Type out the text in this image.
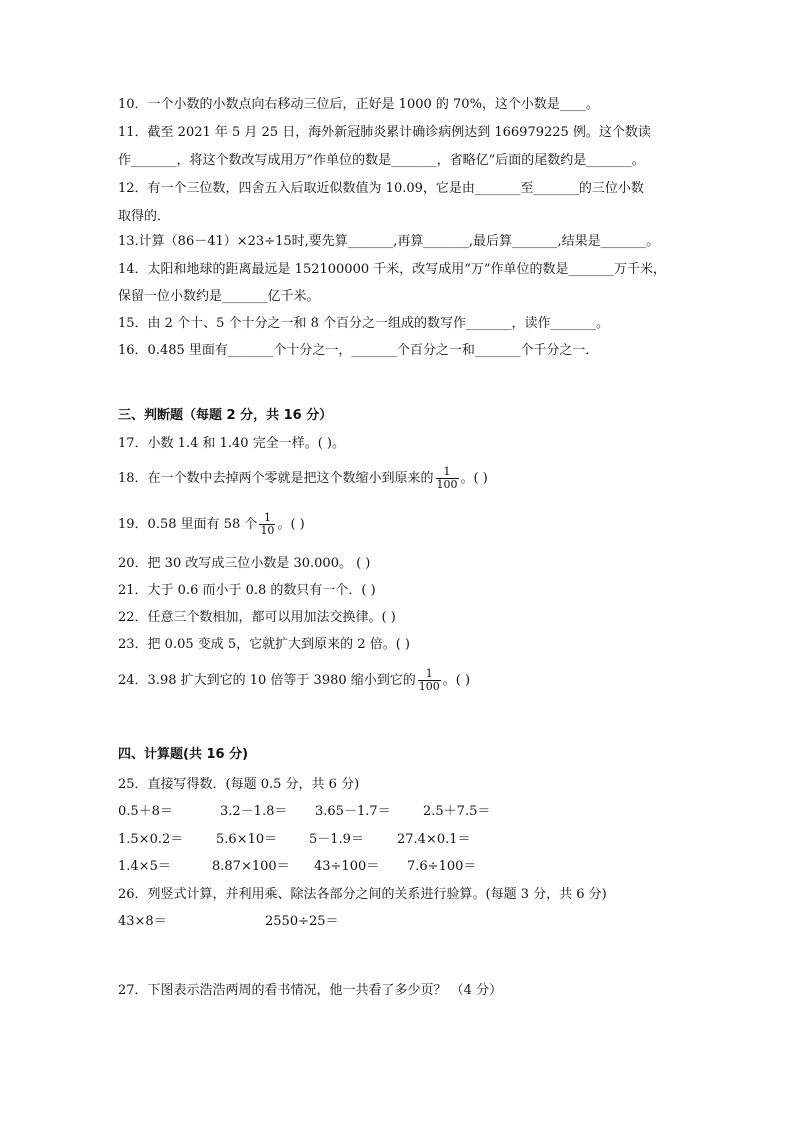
10．一个小数的小数点向右移动三位后，正好是 1000 的 70%，这个小数是____。
11．截至 2021 年 5 月 25 日，海外新冠肺炎累计确诊病例达到 166979225 例。这个数读
作_______，将这个数改写成用万”作单位的数是_______，省略亿”后面的尾数约是_______。
12．有一个三位数，四舍五入后取近似数值为 10.09，它是由_______至_______的三位小数
取得的．
13.计算（86－41）×23÷15时,要先算_______,再算_______,最后算_______,结果是_______。
14．太阳和地球的距离最远是 152100000 千米，改写成用“万”作单位的数是_______万千米，
保留一位小数约是_______亿千米。
15．由 2 个十、5 个十分之一和 8 个百分之一组成的数写作_______，读作_______。
16．0.485 里面有_______个十分之一，_______个百分之一和_______个千分之一．
三、判断题（每题 2 分，共 16 分）
17．小数 1.4 和 1.40 完全一样。( )。
18．在一个数中去掉两个零就是把这个数缩小到原来的 $\frac{1}{100}$ 。( )
19．0.58 里面有 58 个 $\frac{1}{10}$ 。( )
20．把 30 改写成三位小数是 30.000。 ( )
21．大于 0.6 而小于 0.8 的数只有一个．( )
22．任意三个数相加，都可以用加法交换律。( )
23．把 0.05 变成 5，它就扩大到原来的 2 倍。( )
24．3.98 扩大到它的 10 倍等于 3980 缩小到它的 $\frac{1}{100}$ 。( )
四、计算题(共 16 分)
25．直接写得数．(每题 0.5 分，共 6 分)
0.5＋8＝	3.2－1.8＝ 3.65－1.7＝ 2.5＋7.5＝
1.5×0.2＝	5.6×10＝ 5－1.9＝	27.4×0.1＝
1.4×5＝	8.87×100＝ 43÷100＝ 7.6÷100＝
26．列竖式计算，并利用乘、除法各部分之间的关系进行验算。(每题 3 分，共 6 分)
43×8＝	2550÷25＝
27．下图表示浩浩两周的看书情况，他一共看了多少页？ （4 分）
